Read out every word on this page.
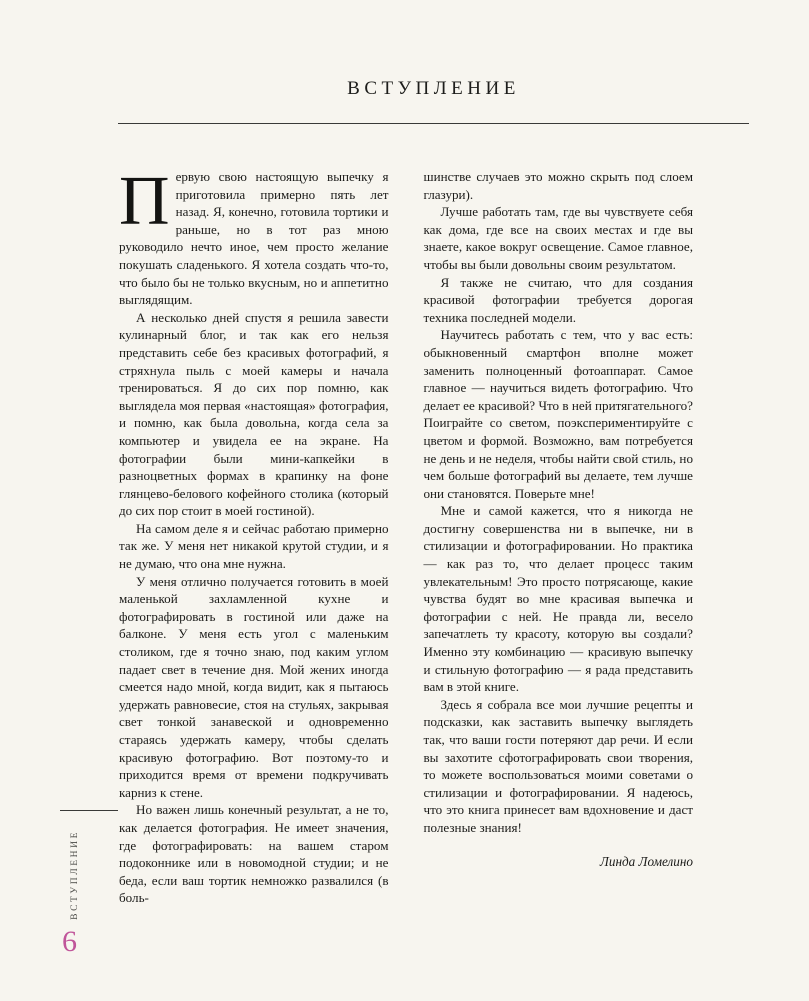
ВСТУПЛЕНИЕ

Первую свою настоящую выпечку я приготовила примерно пять лет назад. Я, конечно, готовила тортики и раньше, но в тот раз мною руководило нечто иное, чем просто желание покушать сладенького. Я хотела создать что-то, что было бы не только вкусным, но и аппетитно выглядящим.

А несколько дней спустя я решила завести кулинарный блог, и так как его нельзя представить себе без красивых фотографий, я стряхнула пыль с моей камеры и начала тренироваться. Я до сих пор помню, как выглядела моя первая «настоящая» фотография, и помню, как была довольна, когда села за компьютер и увидела ее на экране. На фотографии были мини-капкейки в разноцветных формах в крапинку на фоне глянцево-белового кофейного столика (который до сих пор стоит в моей гостиной).

На самом деле я и сейчас работаю примерно так же. У меня нет никакой крутой студии, и я не думаю, что она мне нужна.

У меня отлично получается готовить в моей маленькой захламленной кухне и фотографировать в гостиной или даже на балконе. У меня есть угол с маленьким столиком, где я точно знаю, под каким углом падает свет в течение дня. Мой жених иногда смеется надо мной, когда видит, как я пытаюсь удержать равновесие, стоя на стульях, закрывая свет тонкой занавеской и одновременно стараясь удержать камеру, чтобы сделать красивую фотографию. Вот поэтому-то и приходится время от времени подкручивать карниз к стене.

Но важен лишь конечный результат, а не то, как делается фотография. Не имеет значения, где фотографировать: на вашем старом подоконнике или в новомодной студии; и не беда, если ваш тортик немножко развалился (в боль-

шинстве случаев это можно скрыть под слоем глазури).

Лучше работать там, где вы чувствуете себя как дома, где все на своих местах и где вы знаете, какое вокруг освещение. Самое главное, чтобы вы были довольны своим результатом.

Я также не считаю, что для создания красивой фотографии требуется дорогая техника последней модели.

Научитесь работать с тем, что у вас есть: обыкновенный смартфон вполне может заменить полноценный фотоаппарат. Самое главное — научиться видеть фотографию. Что делает ее красивой? Что в ней притягательного? Поиграйте со светом, поэкспериментируйте с цветом и формой. Возможно, вам потребуется не день и не неделя, чтобы найти свой стиль, но чем больше фотографий вы делаете, тем лучше они становятся. Поверьте мне!

Мне и самой кажется, что я никогда не достигну совершенства ни в выпечке, ни в стилизации и фотографировании. Но практика — как раз то, что делает процесс таким увлекательным! Это просто потрясающе, какие чувства будят во мне красивая выпечка и фотографии с ней. Не правда ли, весело запечатлеть ту красоту, которую вы создали? Именно эту комбинацию — красивую выпечку и стильную фотографию — я рада представить вам в этой книге.

Здесь я собрала все мои лучшие рецепты и подсказки, как заставить выпечку выглядеть так, что ваши гости потеряют дар речи. И если вы захотите сфотографировать свои творения, то можете воспользоваться моими советами о стилизации и фотографировании. Я надеюсь, что это книга принесет вам вдохновение и даст полезные знания!

Линда Ломелино
ВСТУПЛЕНИЕ
6
